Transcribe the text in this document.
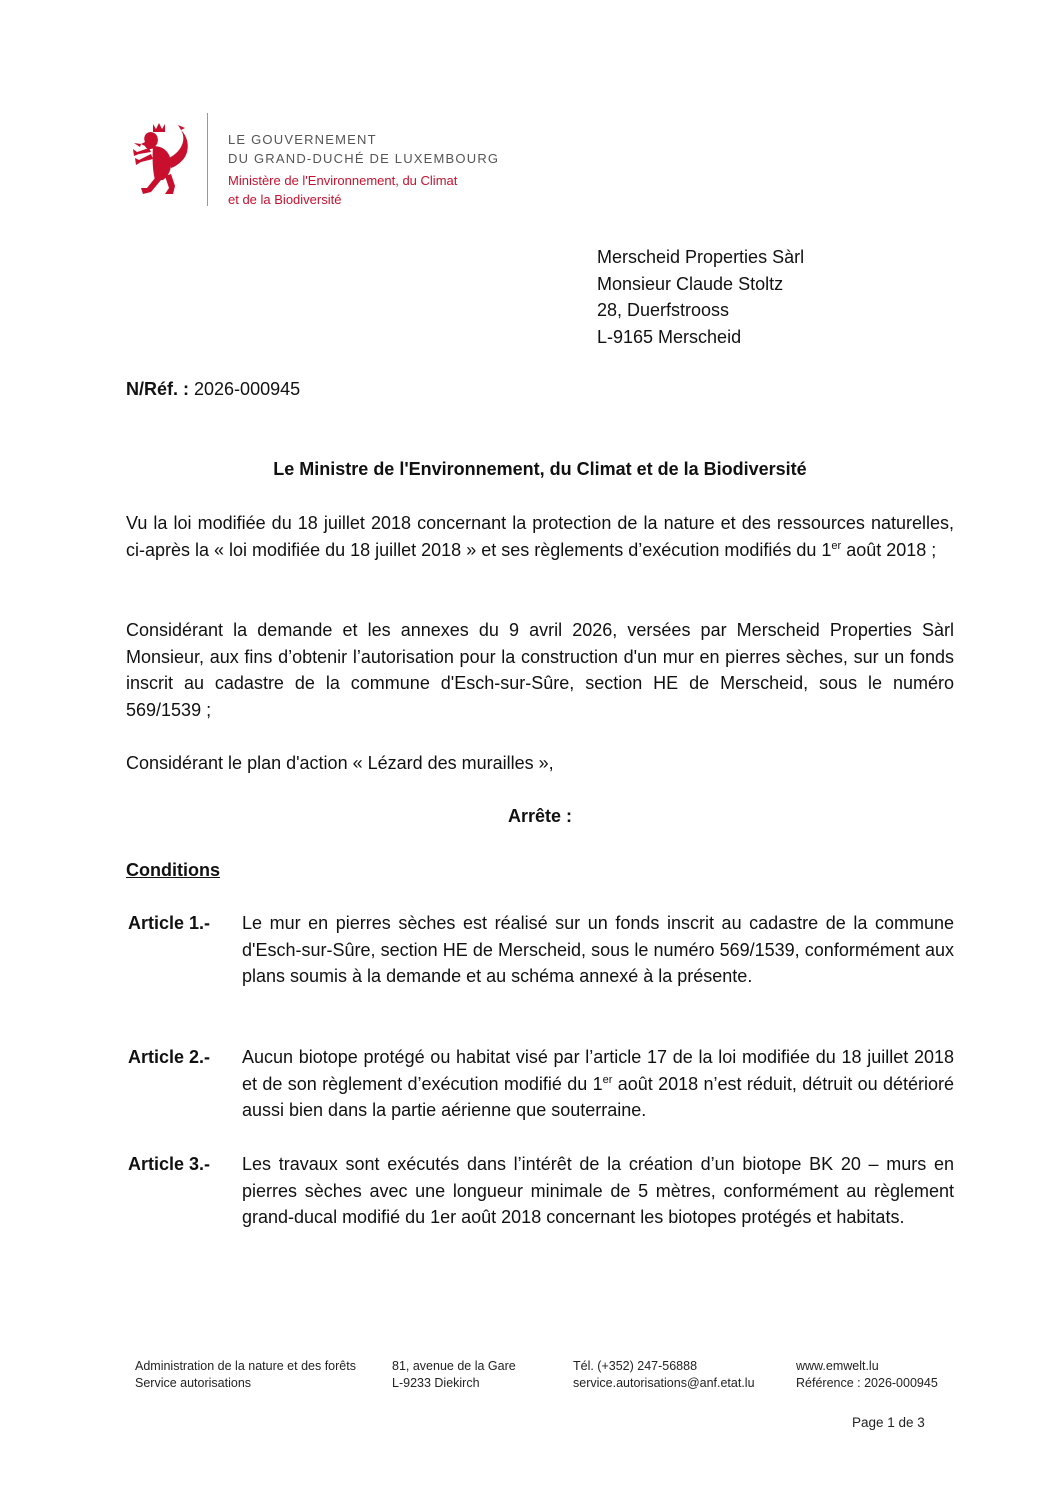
LE GOUVERNEMENT
DU GRAND-DUCHÉ DE LUXEMBOURG
Ministère de l'Environnement, du Climat
et de la Biodiversité
Merscheid Properties Sàrl
Monsieur Claude Stoltz
28, Duerfstrooss
L-9165 Merscheid
N/Réf. : 2026-000945
Le Ministre de l'Environnement, du Climat et de la Biodiversité
Vu la loi modifiée du 18 juillet 2018 concernant la protection de la nature et des ressources naturelles, ci-après la « loi modifiée du 18 juillet 2018 » et ses règlements d’exécution modifiés du 1er août 2018 ;
Considérant la demande et les annexes du 9 avril 2026, versées par Merscheid Properties Sàrl Monsieur, aux fins d’obtenir l’autorisation pour la construction d'un mur en pierres sèches, sur un fonds inscrit au cadastre de la commune d'Esch-sur-Sûre, section HE de Merscheid, sous le numéro 569/1539 ;
Considérant le plan d'action « Lézard des murailles »,
Arrête :
Conditions
Article 1.- Le mur en pierres sèches est réalisé sur un fonds inscrit au cadastre de la commune d'Esch-sur-Sûre, section HE de Merscheid, sous le numéro 569/1539, conformément aux plans soumis à la demande et au schéma annexé à la présente.
Article 2.- Aucun biotope protégé ou habitat visé par l’article 17 de la loi modifiée du 18 juillet 2018 et de son règlement d’exécution modifié du 1er août 2018 n’est réduit, détruit ou détérioré aussi bien dans la partie aérienne que souterraine.
Article 3.- Les travaux sont exécutés dans l’intérêt de la création d’un biotope BK 20 – murs en pierres sèches avec une longueur minimale de 5 mètres, conformément au règlement grand-ducal modifié du 1er août 2018 concernant les biotopes protégés et habitats.
Administration de la nature et des forêts
Service autorisations
81, avenue de la Gare
L-9233 Diekirch
Tél. (+352) 247-56888
service.autorisations@anf.etat.lu
www.emwelt.lu
Référence : 2026-000945
Page 1 de 3
